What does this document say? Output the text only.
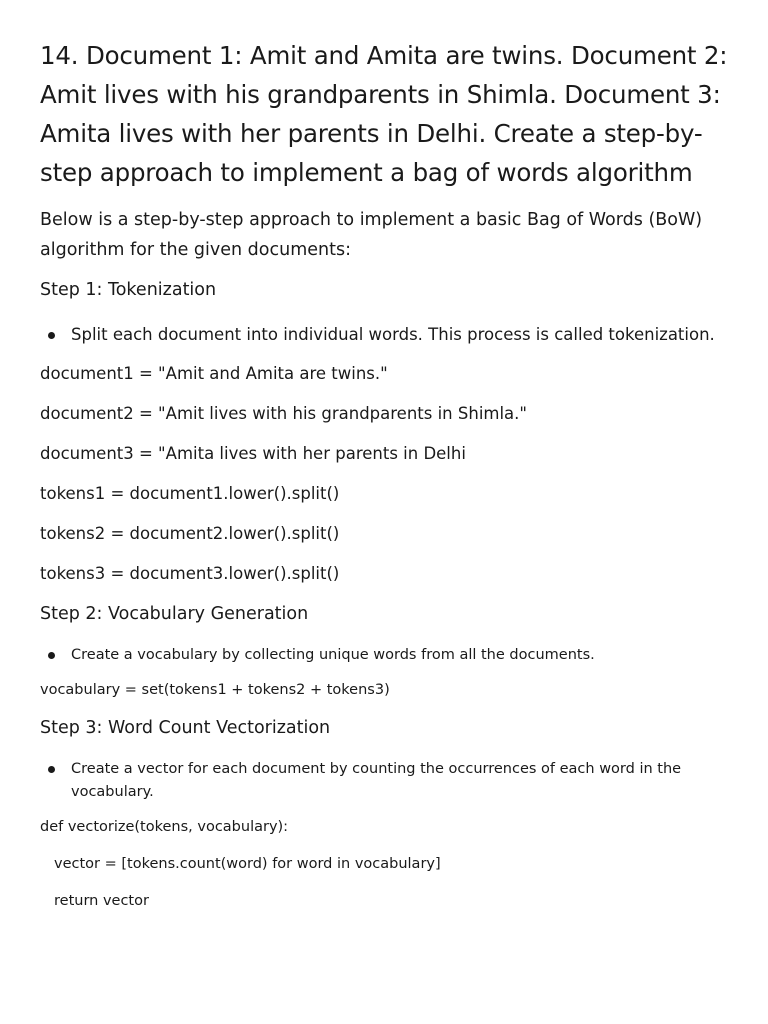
14. Document 1: Amit and Amita are twins. Document 2: Amit lives with his grandparents in Shimla. Document 3: Amita lives with her parents in Delhi. Create a step-by-step approach to implement a bag of words algorithm
Below is a step-by-step approach to implement a basic Bag of Words (BoW) algorithm for the given documents:
Step 1: Tokenization
Split each document into individual words. This process is called tokenization.
document1 = "Amit and Amita are twins."
document2 = "Amit lives with his grandparents in Shimla."
document3 = "Amita lives with her parents in Delhi
tokens1 = document1.lower().split()
tokens2 = document2.lower().split()
tokens3 = document3.lower().split()
Step 2: Vocabulary Generation
Create a vocabulary by collecting unique words from all the documents.
vocabulary = set(tokens1 + tokens2 + tokens3)
Step 3: Word Count Vectorization
Create a vector for each document by counting the occurrences of each word in the vocabulary.
def vectorize(tokens, vocabulary):
vector = [tokens.count(word) for word in vocabulary]
return vector
